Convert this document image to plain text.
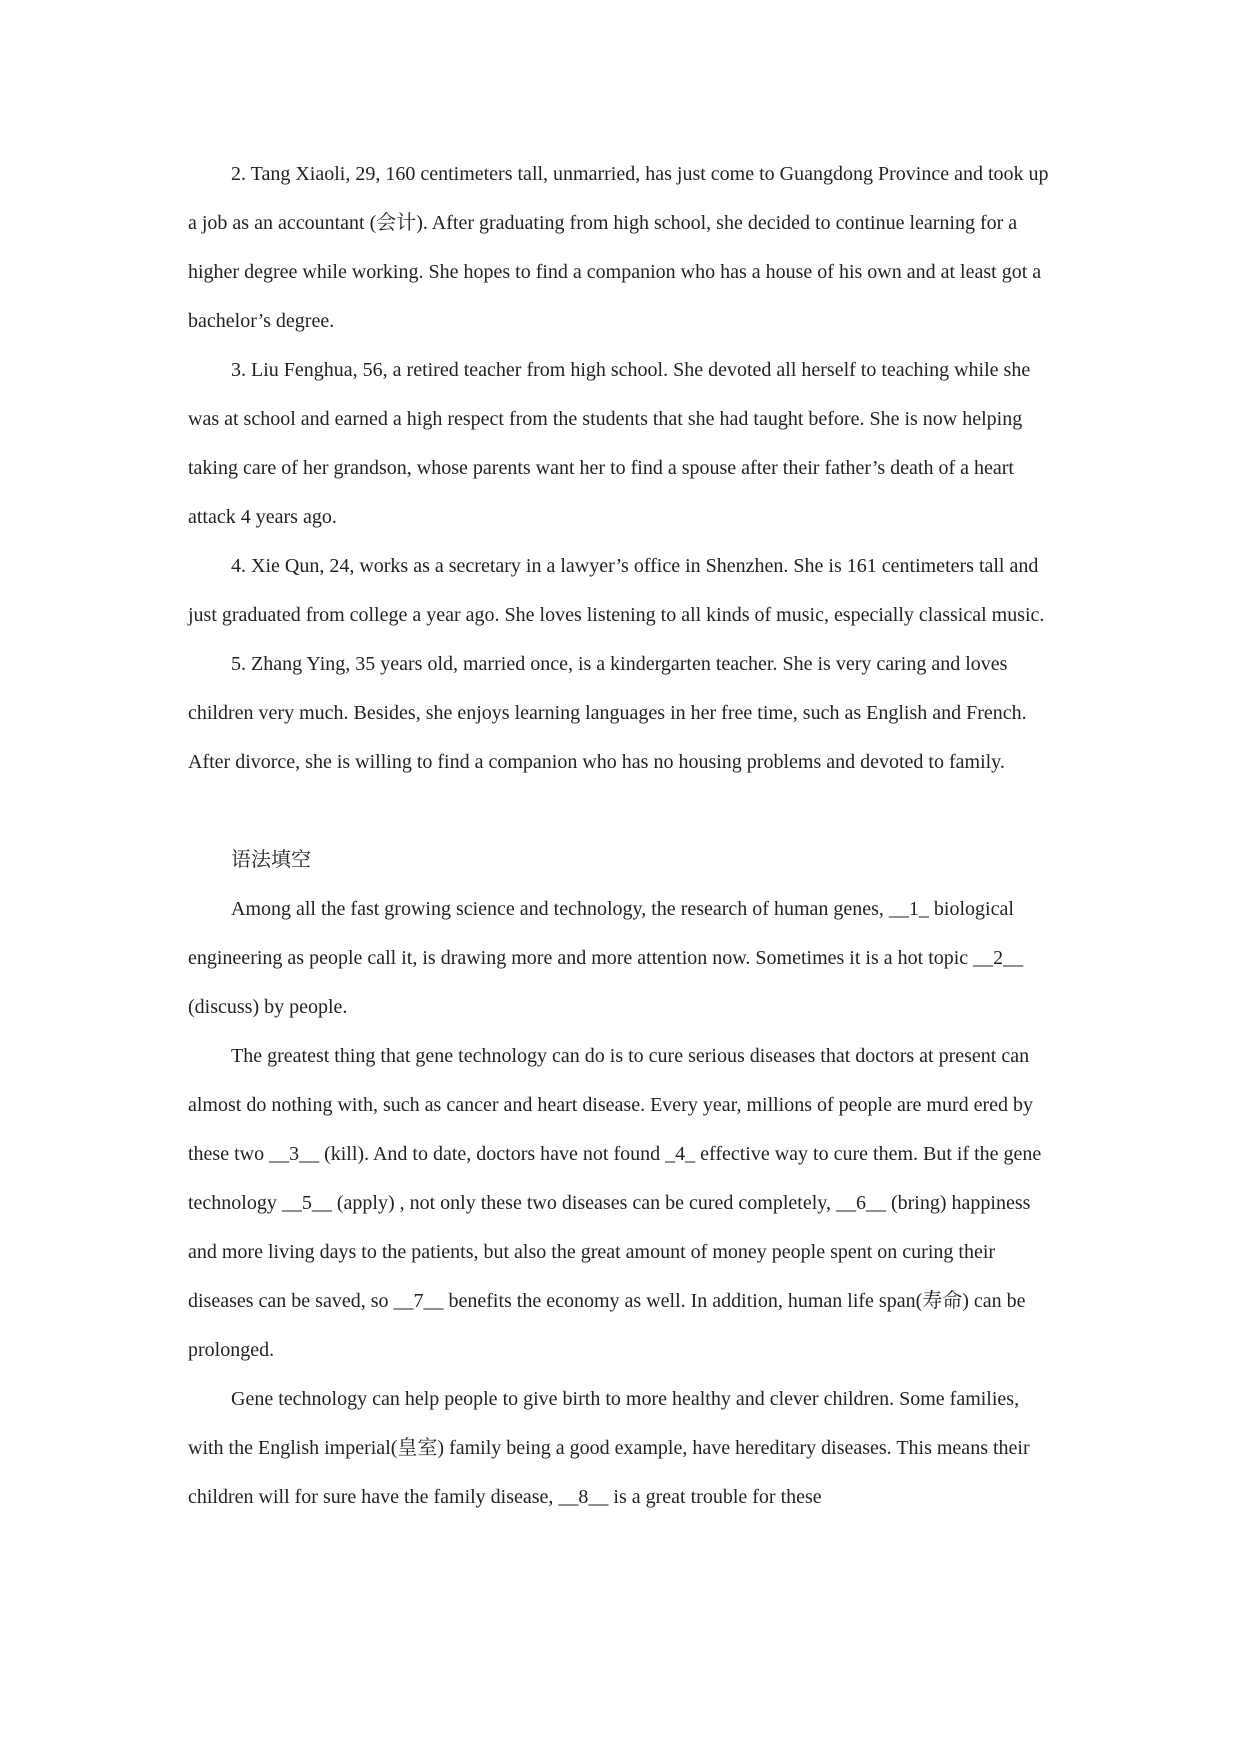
2. Tang Xiaoli, 29, 160 centimeters tall, unmarried, has just come to Guangdong Province and took up a job as an accountant (会计). After graduating from high school, she decided to continue learning for a higher degree while working. She hopes to find a companion who has a house of his own and at least got a bachelor’s degree.

3. Liu Fenghua, 56, a retired teacher from high school. She devoted all herself to teaching while she was at school and earned a high respect from the students that she had taught before. She is now helping taking care of her grandson, whose parents want her to find a spouse after their father’s death of a heart attack 4 years ago.

4. Xie Qun, 24, works as a secretary in a lawyer’s office in Shenzhen. She is 161 centimeters tall and just graduated from college a year ago. She loves listening to all kinds of music, especially classical music.

5. Zhang Ying, 35 years old, married once, is a kindergarten teacher. She is very caring and loves children very much. Besides, she enjoys learning languages in her free time, such as English and French. After divorce, she is willing to find a companion who has no housing problems and devoted to family.

语法填空

Among all the fast growing science and technology, the research of human genes, __1_ biological engineering as people call it, is drawing more and more attention now. Sometimes it is a hot topic __2__ (discuss) by people.

The greatest thing that gene technology can do is to cure serious diseases that doctors at present can almost do nothing with, such as cancer and heart disease. Every year, millions of people are murd ered by these two __3__ (kill). And to date, doctors have not found _4_ effective way to cure them. But if the gene technology __5__ (apply) , not only these two diseases can be cured completely, __6__ (bring) happiness and more living days to the patients, but also the great amount of money people spent on curing their diseases can be saved, so __7__ benefits the economy as well. In addition, human life span(寿命) can be prolonged.

Gene technology can help people to give birth to more healthy and clever children. Some families, with the English imperial(皇室) family being a good example, have hereditary diseases. This means their children will for sure have the family disease, __8__ is a great trouble for these
